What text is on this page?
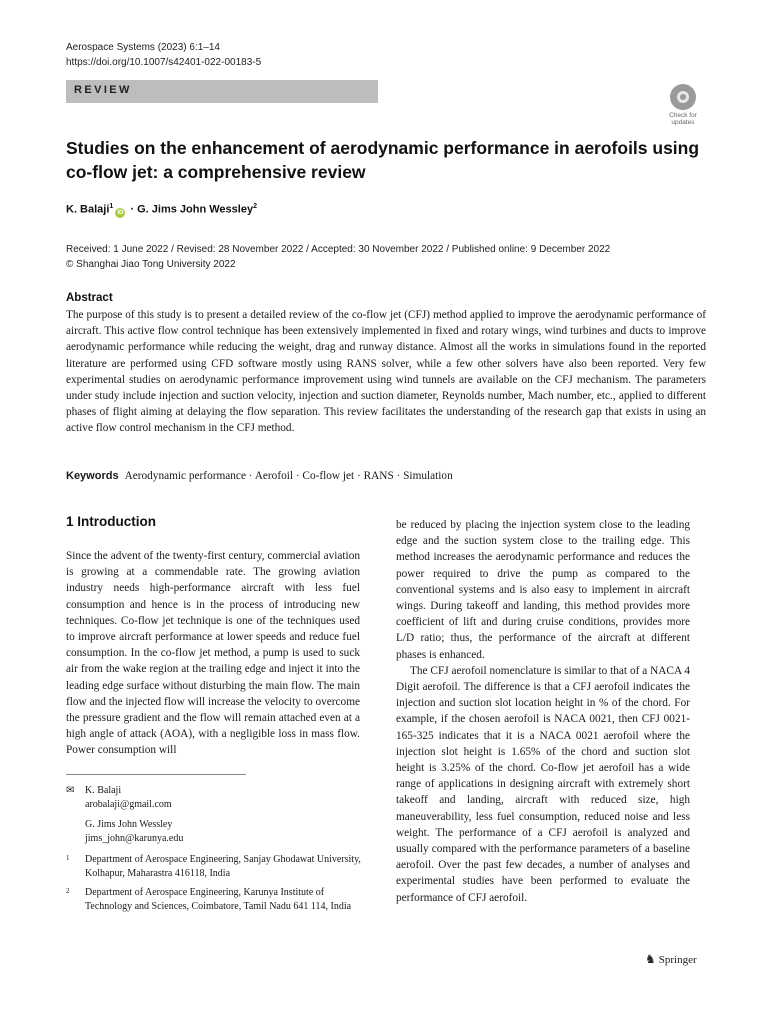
Aerospace Systems (2023) 6:1–14
https://doi.org/10.1007/s42401-022-00183-5
REVIEW
Check for
updates
Studies on the enhancement of aerodynamic performance in aerofoils using co-flow jet: a comprehensive review
K. Balaji$^1$iD · G. Jims John Wessley$^2$
Received: 1 June 2022 / Revised: 28 November 2022 / Accepted: 30 November 2022 / Published online: 9 December 2022
© Shanghai Jiao Tong University 2022
Abstract
The purpose of this study is to present a detailed review of the co-flow jet (CFJ) method applied to improve the aerodynamic performance of aircraft. This active flow control technique has been extensively implemented in fixed and rotary wings, wind turbines and ducts to improve aerodynamic performance while reducing the weight, drag and runway distance. Almost all the works in simulations found in the reported literature are performed using CFD software mostly using RANS solver, while a few other solvers have also been reported. Very few experimental studies on aerodynamic performance improvement using wind tunnels are available on the CFJ mechanism. The parameters under study include injection and suction velocity, injection and suction diameter, Reynolds number, Mach number, etc., applied to different phases of flight aiming at delaying the flow separation. This review facilitates the understanding of the research gap that exists in using an active flow control mechanism in the CFJ method.
Keywords Aerodynamic performance · Aerofoil · Co-flow jet · RANS · Simulation
1 Introduction

Since the advent of the twenty-first century, commercial aviation is growing at a commendable rate. The growing aviation industry needs high-performance aircraft with less fuel consumption and hence is in the process of introducing new techniques. Co-flow jet technique is one of the techniques used to improve aircraft performance at lower speeds and reduce fuel consumption. In the co-flow jet method, a pump is used to suck air from the wake region at the trailing edge and inject it into the leading edge surface without disturbing the main flow. The main flow and the injected flow will increase the velocity to overcome the pressure gradient and the flow will remain attached even at a high angle of attack (AOA), with a negligible loss in mass flow. Power consumption will

be reduced by placing the injection system close to the leading edge and the suction system close to the trailing edge. This method increases the aerodynamic performance and reduces the power required to drive the pump as compared to the conventional systems and is also easy to implement in aircraft wings. During takeoff and landing, this method provides more coefficient of lift and during cruise conditions, provides more L/D ratio; thus, the performance of the aircraft at different phases is enhanced.

The CFJ aerofoil nomenclature is similar to that of a NACA 4 Digit aerofoil. The difference is that a CFJ aerofoil indicates the injection and suction slot location height in % of the chord. For example, if the chosen aerofoil is NACA 0021, then CFJ 0021-165-325 indicates that it is a NACA 0021 aerofoil where the injection slot height is 1.65% of the chord and suction slot height is 3.25% of the chord. Co-flow jet aerofoil has a wide range of applications in designing aircraft with extremely short takeoff and landing, aircraft with reduced size, high maneuverability, less fuel consumption, reduced noise and less weight. The performance of a CFJ aerofoil is analyzed and usually compared with the performance parameters of a baseline aerofoil. Over the past few decades, a number of analyses and experimental studies have been performed to evaluate the performance of CFJ aerofoil.

✉ K. Balaji
arobalaji@gmail.com
G. Jims John Wessley
jims_john@karunya.edu
1	Department of Aerospace Engineering, Sanjay Ghodawat University, Kolhapur, Maharastra 416118, India
2	Department of Aerospace Engineering, Karunya Institute of Technology and Sciences, Coimbatore, Tamil Nadu 641 114, India
♞ Springer
